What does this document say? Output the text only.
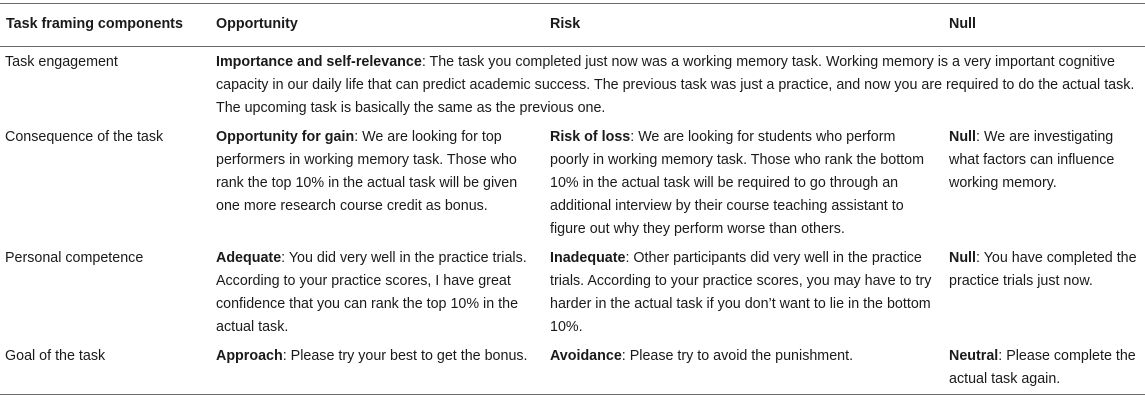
Task framing components	Opportunity	Risk	Null
Task engagement	Importance and self-relevance: The task you completed just now was a working memory task. Working memory is a very important cognitive capacity in our daily life that can predict academic success. The previous task was just a practice, and now you are required to do the actual task. The upcoming task is basically the same as the previous one.		
Consequence of the task	Opportunity for gain: We are looking for top performers in working memory task. Those who rank the top 10% in the actual task will be given one more research course credit as bonus.	Risk of loss: We are looking for students who perform poorly in working memory task. Those who rank the bottom 10% in the actual task will be required to go through an additional interview by their course teaching assistant to figure out why they perform worse than others.	Null: We are investigating what factors can influence working memory.
Personal competence	Adequate: You did very well in the practice trials. According to your practice scores, I have great confidence that you can rank the top 10% in the actual task.	Inadequate: Other participants did very well in the practice trials. According to your practice scores, you may have to try harder in the actual task if you don’t want to lie in the bottom 10%.	Null: You have completed the practice trials just now.
Goal of the task	Approach: Please try your best to get the bonus.	Avoidance: Please try to avoid the punishment.	Neutral: Please complete the actual task again.
